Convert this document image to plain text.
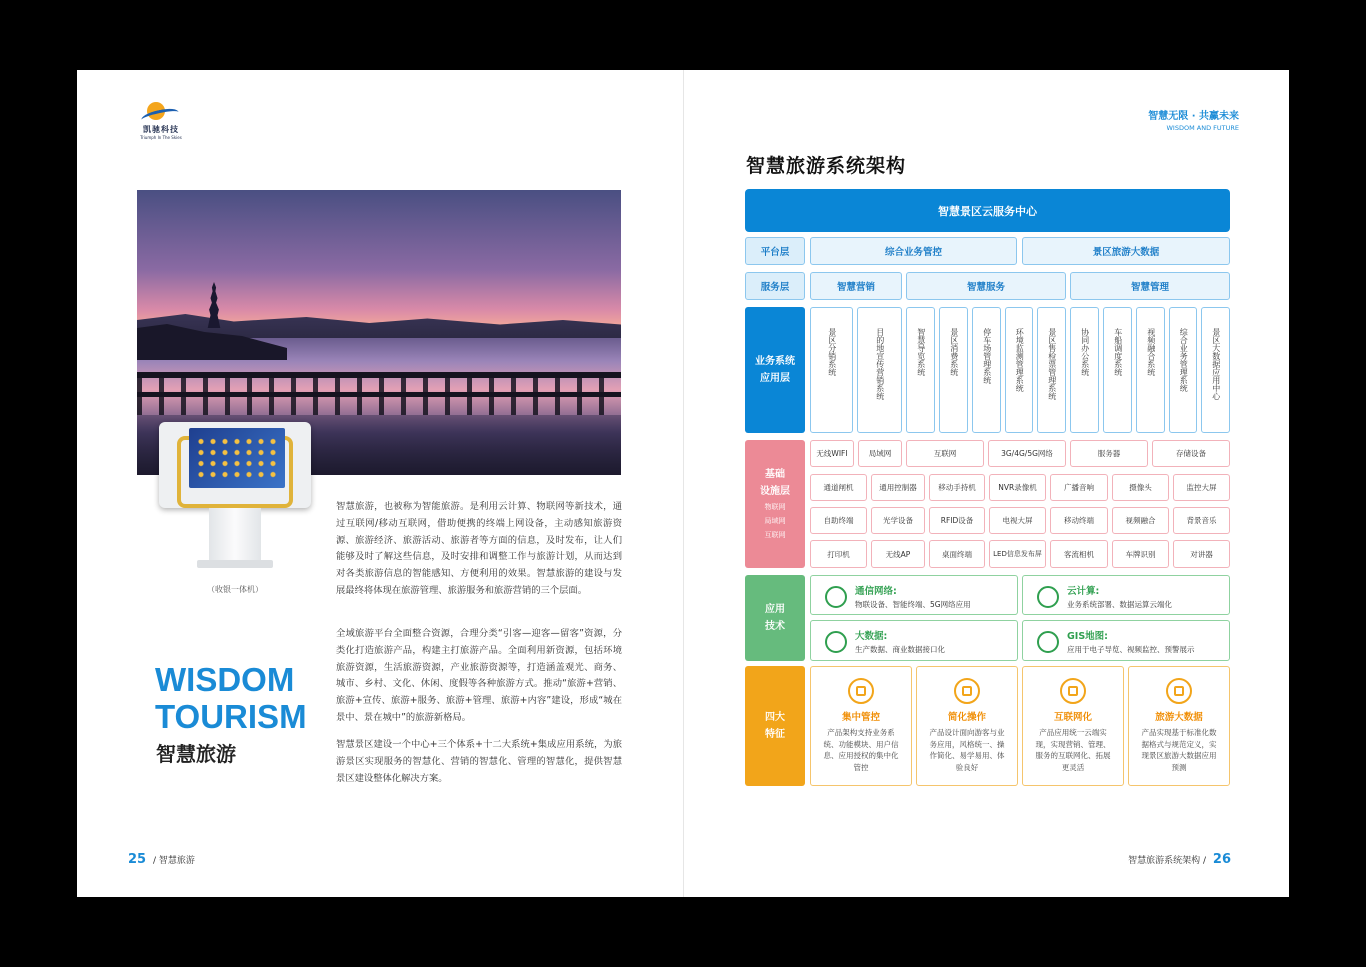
凯驰科技
Triumph In The Skies
（收银一体机）

智慧旅游，也被称为智能旅游。是利用云计算、物联网等新技术，通过互联网/移动互联网，借助便携的终端上网设备，主动感知旅游资源、旅游经济、旅游活动、旅游者等方面的信息，及时发布，让人们能够及时了解这些信息，及时安排和调整工作与旅游计划，从而达到对各类旅游信息的智能感知、方便利用的效果。智慧旅游的建设与发展最终将体现在旅游管理、旅游服务和旅游营销的三个层面。

全域旅游平台全面整合资源，合理分类“引客—迎客—留客”资源，分类化打造旅游产品，构建主打旅游产品。全面利用新资源，包括环境旅游资源，生活旅游资源，产业旅游资源等，打造涵盖观光、商务、城市、乡村、文化、休闲、度假等各种旅游方式。推动“旅游+营销、旅游+宣传、旅游+服务、旅游+管理、旅游+内容”建设，形成“城在景中、景在城中”的旅游新格局。

智慧景区建设一个中心+三个体系+十二大系统+集成应用系统，为旅游景区实现服务的智慧化、营销的智慧化、管理的智慧化，提供智慧景区建设整体化解决方案。

WISDOM
TOURISM
智慧旅游
25 / 智慧旅游
智慧无限 · 共赢未来
WISDOM AND FUTURE
智慧旅游系统架构
智慧景区云服务中心
平台层	综合业务管控	景区旅游大数据
服务层	智慧营销	智慧服务	智慧管理
业务系统
应用层
景区分销系统	目的地宣传营销系统	智慧导览系统	景区消费系统	停车场管理系统	环境监测管理系统	景区售检票管理系统	协同办公系统	车船调度系统	视频融合系统	综合业务管理系统	景区大数据应用中心
基础
设施层
物联网
局域网
互联网
无线WIFI	局域网	互联网	3G/4G/5G网络	服务器	存储设备
通道闸机	通用控制器	移动手持机	NVR录像机	广播音响	摄像头	监控大屏
自助终端	光学设备	RFID设备	电视大屏	移动终端	视频融合	背景音乐
打印机	无线AP	桌面终端	LED信息发布屏	客流相机	车牌识别	对讲器
应用
技术
通信网络:
物联设备、智能终端、5G网络应用
云计算:
业务系统部署、数据运算云端化
大数据:
生产数据、商业数据接口化
GIS地图:
应用于电子导览、视频监控、预警展示
四大
特征
集中管控
产品架构支持业务系统、功能模块、用户信息、应用授权的集中化管控
简化操作
产品设计面向游客与业务应用，风格统一、操作简化、易学易用、体验良好
互联网化
产品应用统一云端实现，实现营销、管理、服务的互联网化、拓展更灵活
旅游大数据
产品实现基于标准化数据格式与规范定义，实现景区旅游大数据应用预测
智慧旅游系统架构 / 26
